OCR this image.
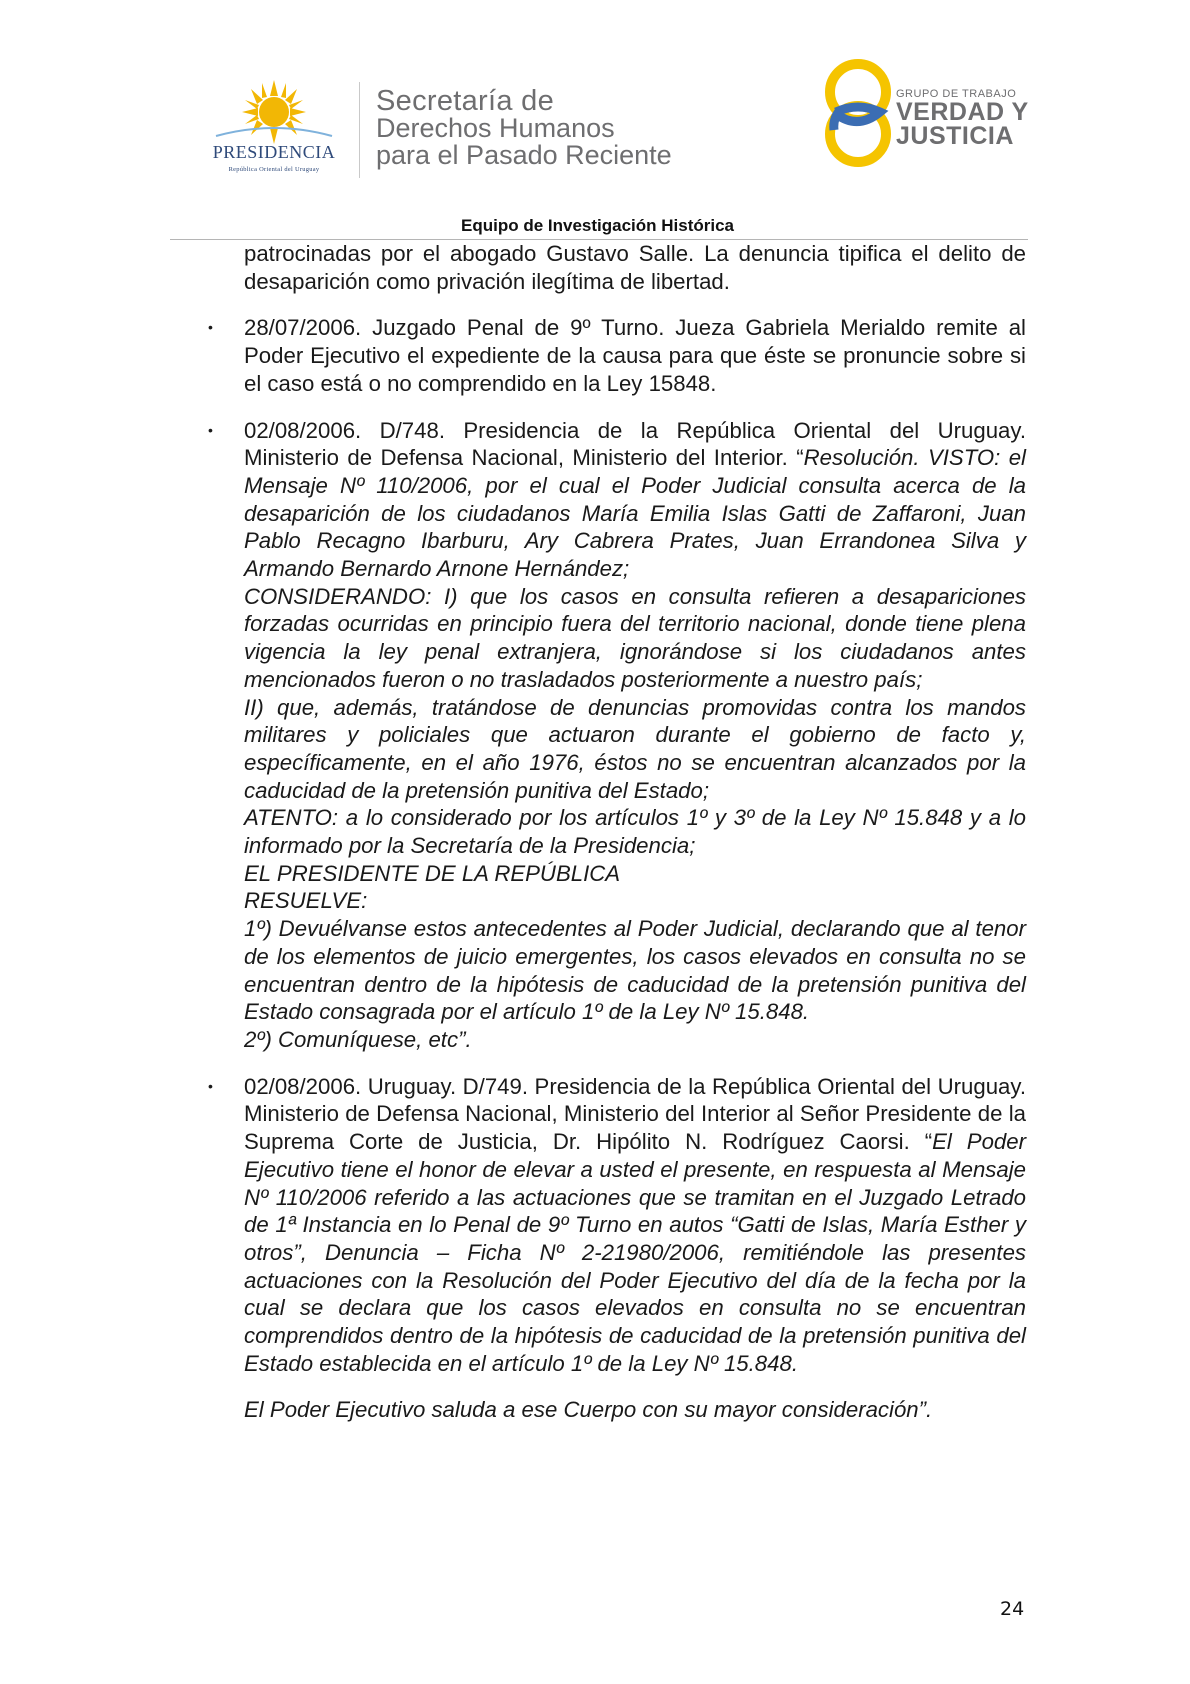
PRESIDENCIA
República Oriental del Uruguay
Secretaría de
Derechos Humanos
para el Pasado Reciente
GRUPO DE TRABAJO
VERDAD Y
JUSTICIA
Equipo de Investigación Histórica
patrocinadas por el abogado Gustavo Salle. La denuncia tipifica el delito de desaparición como privación ilegítima de libertad.
• 28/07/2006. Juzgado Penal de 9º Turno. Jueza Gabriela Merialdo remite al Poder Ejecutivo el expediente de la causa para que éste se pronuncie sobre si el caso está o no comprendido en la Ley 15848.
• 02/08/2006. D/748. Presidencia de la República Oriental del Uruguay. Ministerio de Defensa Nacional, Ministerio del Interior. “Resolución. VISTO: el Mensaje Nº 110/2006, por el cual el Poder Judicial consulta acerca de la desaparición de los ciudadanos María Emilia Islas Gatti de Zaffaroni, Juan Pablo Recagno Ibarburu, Ary Cabrera Prates, Juan Errandonea Silva y Armando Bernardo Arnone Hernández;
CONSIDERANDO: I) que los casos en consulta refieren a desapariciones forzadas ocurridas en principio fuera del territorio nacional, donde tiene plena vigencia la ley penal extranjera, ignorándose si los ciudadanos antes mencionados fueron o no trasladados posteriormente a nuestro país;
II) que, además, tratándose de denuncias promovidas contra los mandos militares y policiales que actuaron durante el gobierno de facto y, específicamente, en el año 1976, éstos no se encuentran alcanzados por la caducidad de la pretensión punitiva del Estado;
ATENTO: a lo considerado por los artículos 1º y 3º de la Ley Nº 15.848 y a lo informado por la Secretaría de la Presidencia;
EL PRESIDENTE DE LA REPÚBLICA
RESUELVE:
1º) Devuélvanse estos antecedentes al Poder Judicial, declarando que al tenor de los elementos de juicio emergentes, los casos elevados en consulta no se encuentran dentro de la hipótesis de caducidad de la pretensión punitiva del Estado consagrada por el artículo 1º de la Ley Nº 15.848.
2º) Comuníquese, etc”.
• 02/08/2006. Uruguay. D/749. Presidencia de la República Oriental del Uruguay. Ministerio de Defensa Nacional, Ministerio del Interior al Señor Presidente de la Suprema Corte de Justicia, Dr. Hipólito N. Rodríguez Caorsi. “El Poder Ejecutivo tiene el honor de elevar a usted el presente, en respuesta al Mensaje Nº 110/2006 referido a las actuaciones que se tramitan en el Juzgado Letrado de 1ª Instancia en lo Penal de 9º Turno en autos “Gatti de Islas, María Esther y otros”, Denuncia – Ficha Nº 2-21980/2006, remitiéndole las presentes actuaciones con la Resolución del Poder Ejecutivo del día de la fecha por la cual se declara que los casos elevados en consulta no se encuentran comprendidos dentro de la hipótesis de caducidad de la pretensión punitiva del Estado establecida en el artículo 1º de la Ley Nº 15.848.
El Poder Ejecutivo saluda a ese Cuerpo con su mayor consideración”.
24
